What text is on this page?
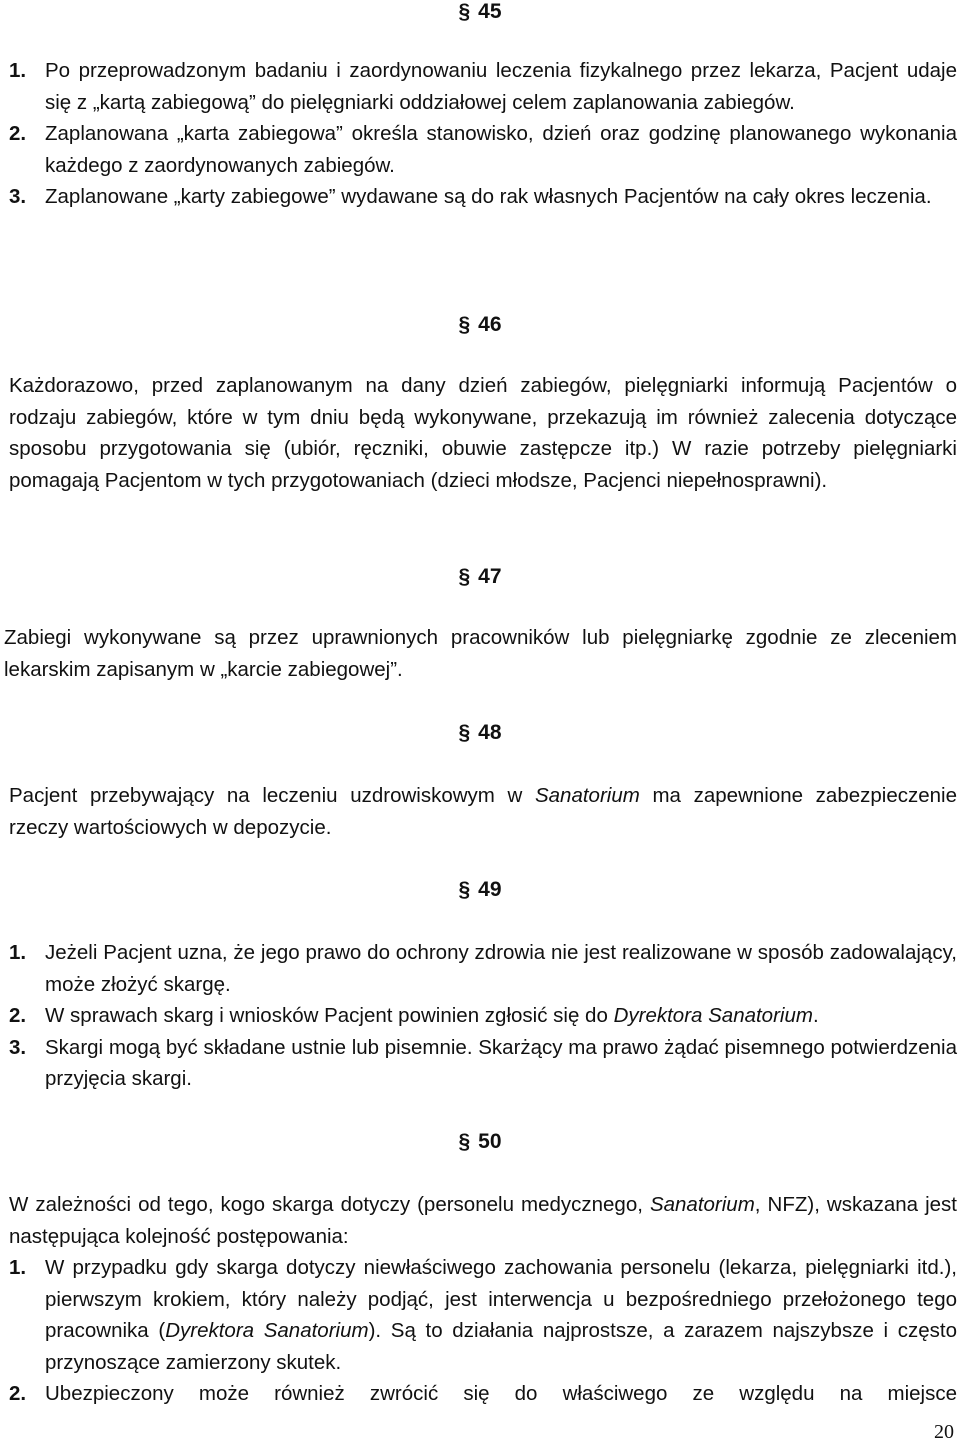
§ 45
1. Po przeprowadzonym badaniu i zaordynowaniu leczenia fizykalnego przez lekarza, Pacjent udaje się z „kartą zabiegową” do pielęgniarki oddziałowej celem zaplanowania zabiegów.
2. Zaplanowana „karta zabiegowa” określa stanowisko, dzień oraz godzinę planowanego wykonania każdego z zaordynowanych zabiegów.
3. Zaplanowane „karty zabiegowe” wydawane są do rak własnych Pacjentów na cały okres leczenia.
§ 46
Każdorazowo, przed zaplanowanym na dany dzień zabiegów, pielęgniarki informują Pacjentów o rodzaju zabiegów, które w tym dniu będą wykonywane, przekazują im również zalecenia dotyczące sposobu przygotowania się (ubiór, ręczniki, obuwie zastępcze itp.) W razie potrzeby pielęgniarki pomagają Pacjentom w tych przygotowaniach (dzieci młodsze, Pacjenci niepełnosprawni).
§ 47
Zabiegi wykonywane są przez uprawnionych pracowników lub pielęgniarkę zgodnie ze zleceniem lekarskim zapisanym w „karcie zabiegowej”.
§ 48
Pacjent przebywający na leczeniu uzdrowiskowym w Sanatorium ma zapewnione zabezpieczenie rzeczy wartościowych w depozycie.
§ 49
1. Jeżeli Pacjent uzna, że jego prawo do ochrony zdrowia nie jest realizowane w sposób zadowalający, może złożyć skargę.
2. W sprawach skarg i wniosków Pacjent powinien zgłosić się do Dyrektora Sanatorium.
3. Skargi mogą być składane ustnie lub pisemnie. Skarżący ma prawo żądać pisemnego potwierdzenia przyjęcia skargi.
§ 50
W zależności od tego, kogo skarga dotyczy (personelu medycznego, Sanatorium, NFZ), wskazana jest następująca kolejność postępowania:
1. W przypadku gdy skarga dotyczy niewłaściwego zachowania personelu (lekarza, pielęgniarki itd.), pierwszym krokiem, który należy podjąć, jest interwencja u bezpośredniego przełożonego tego pracownika (Dyrektora Sanatorium). Są to działania najprostsze, a zarazem najszybsze i często przynoszące zamierzony skutek.
2. Ubezpieczony może również zwrócić się do właściwego ze względu na miejsce
20
